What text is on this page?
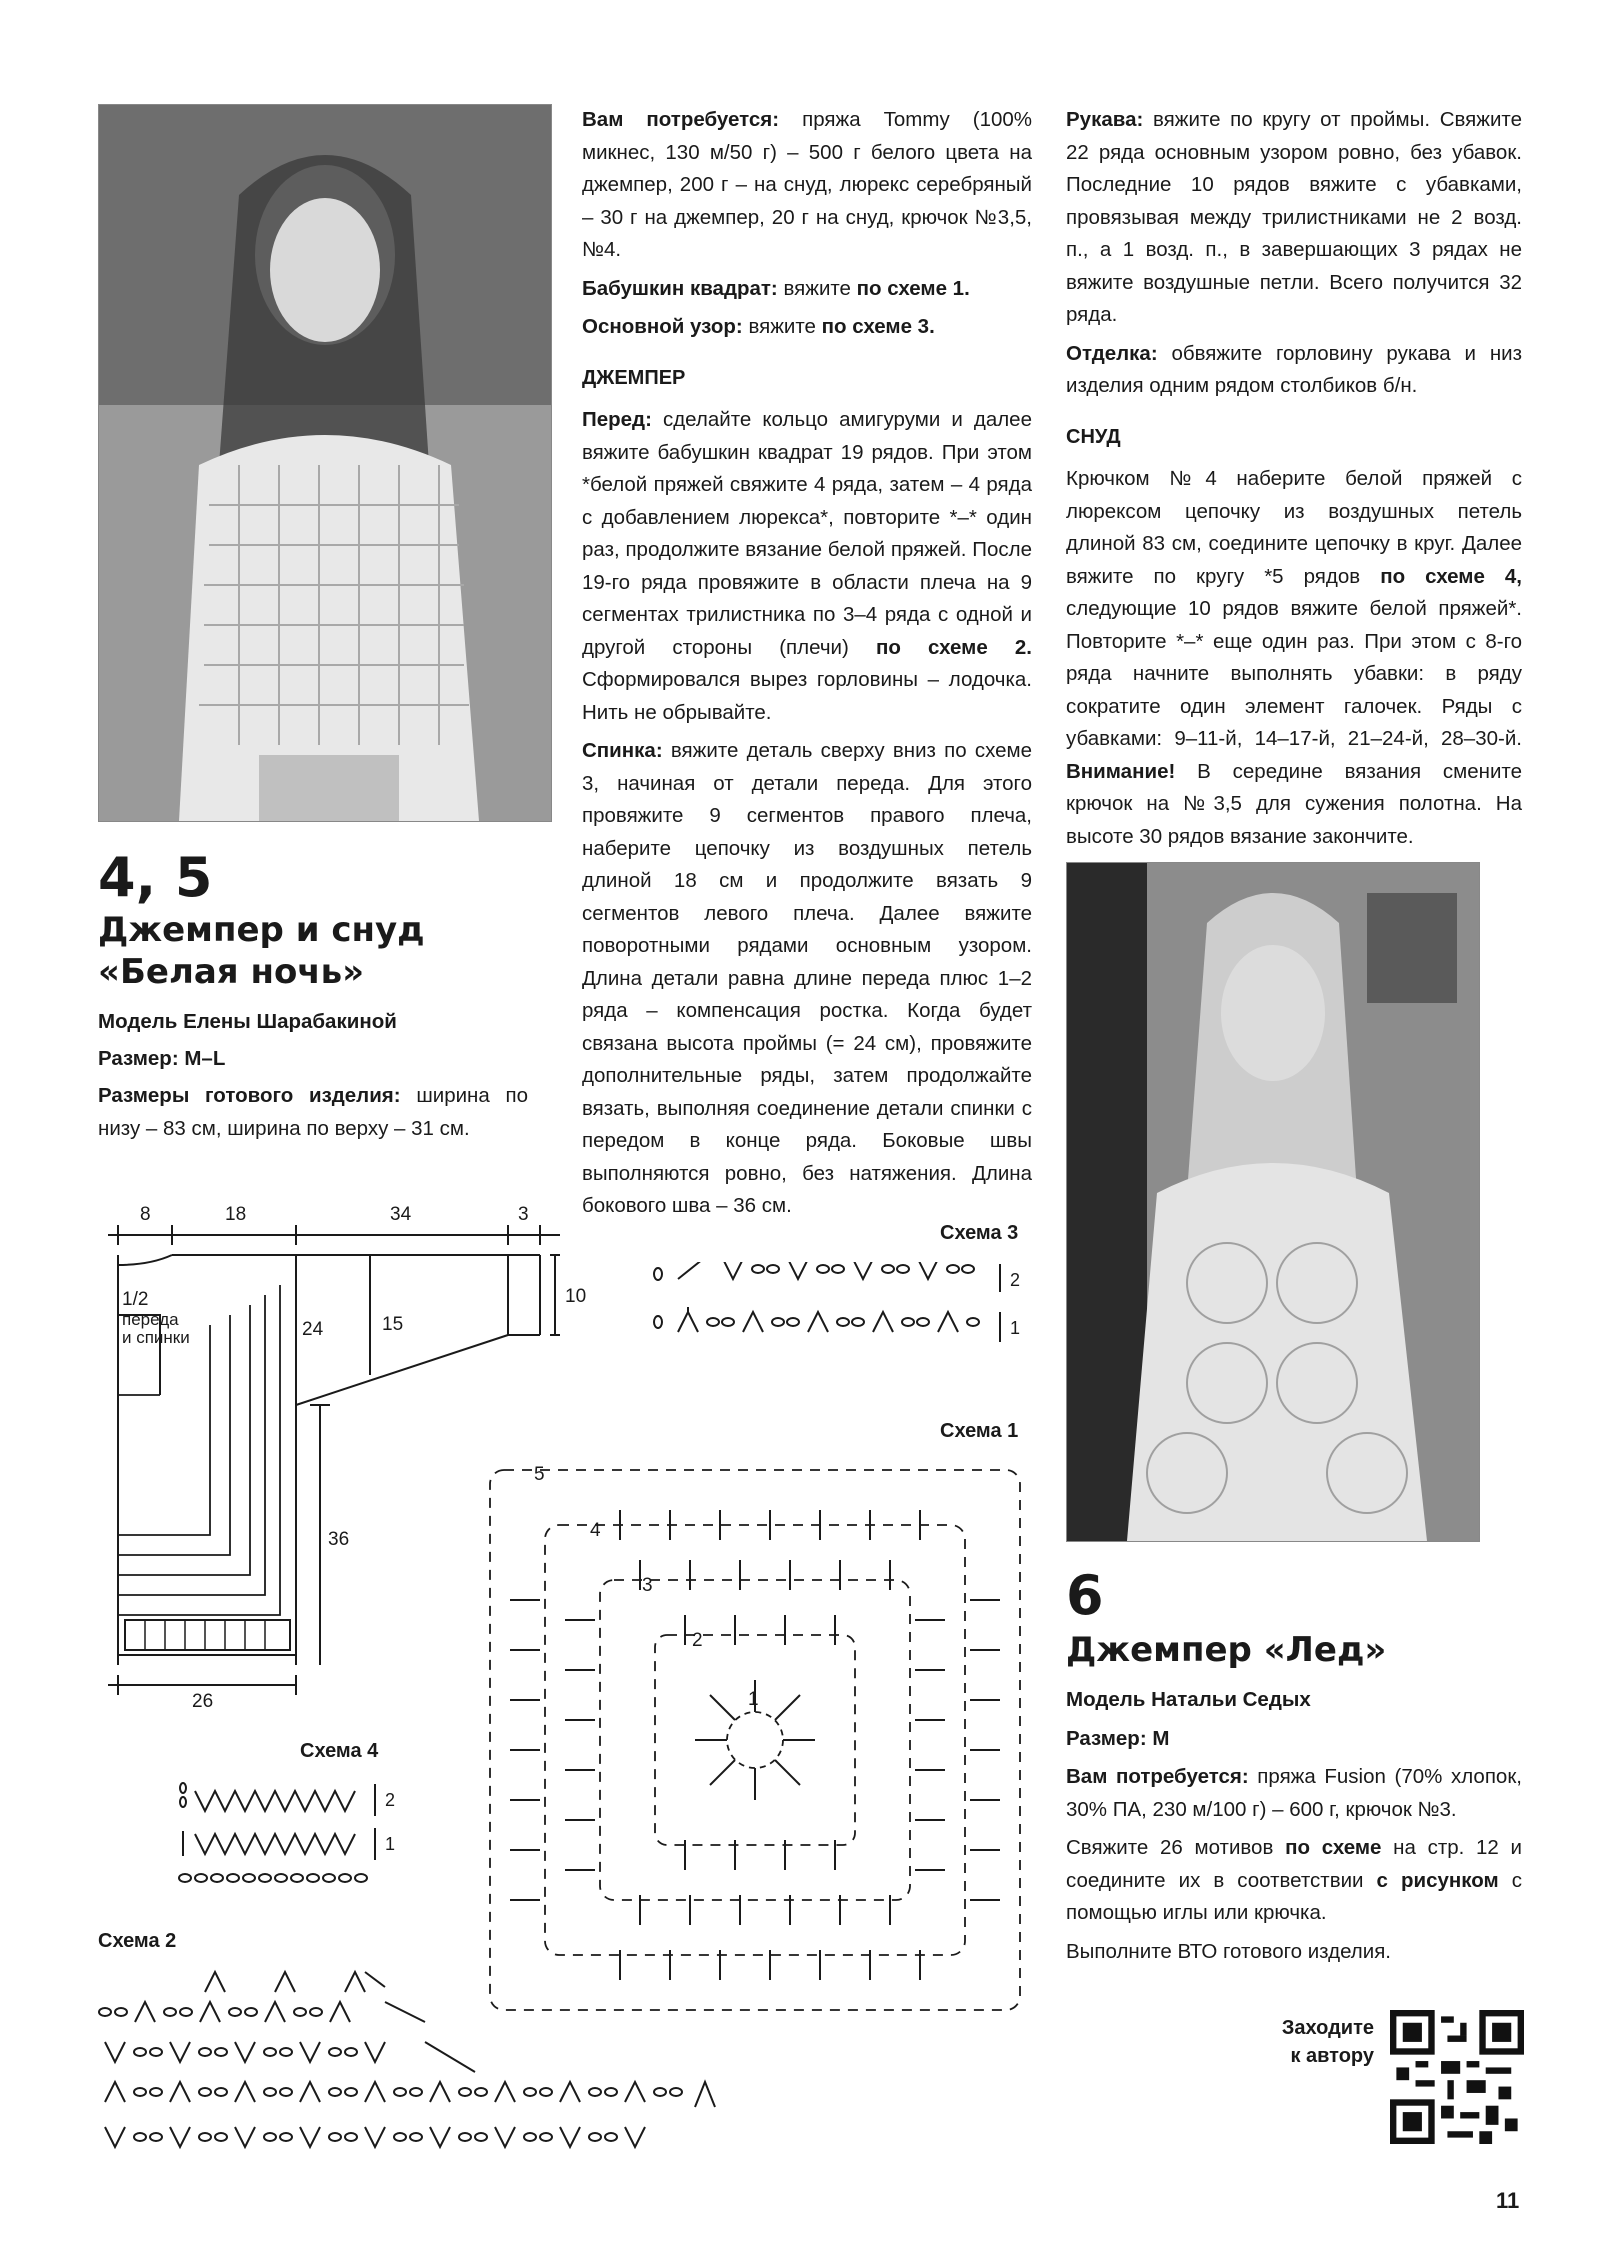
4, 5
Джемпер и снуд
«Белая ночь»
Модель Елены Шарабакиной
Размер: М–L
Размеры готового изделия: ширина по низу – 83 см, ширина по верху – 31 см.

Вам потребуется: пряжа Tommy (100% микнес, 130 м/50 г) – 500 г белого цвета на джемпер, 200 г – на снуд, люрекс серебряный – 30 г на джемпер, 20 г на снуд, крючок №3,5, №4.

Бабушкин квадрат: вяжите по схеме 1.

Основной узор: вяжите по схеме 3.

ДЖЕМПЕР

Перед: сделайте кольцо амигуруми и далее вяжите бабушкин квадрат 19 рядов. При этом *белой пряжей свяжите 4 ряда, затем – 4 ряда с добавлением люрекса*, повторите *–* один раз, продолжите вязание белой пряжей. После 19-го ряда провяжите в области плеча на 9 сегментах трилистника по 3–4 ряда с одной и другой стороны (плечи) по схеме 2. Сформировался вырез горловины – лодочка. Нить не обрывайте.

Спинка: вяжите деталь сверху вниз по схеме 3, начиная от детали переда. Для этого провяжите 9 сегментов правого плеча, наберите цепочку из воздушных петель длиной 18 см и продолжите вязать 9 сегментов левого плеча. Далее вяжите поворотными рядами основным узором. Длина детали равна длине переда плюс 1–2 ряда – компенсация ростка. Когда будет связана высота проймы (= 24 см), провяжите дополнительные ряды, затем продолжайте вязать, выполняя соединение детали спинки с передом в конце ряда. Боковые швы выполняются ровно, без натяжения. Длина бокового шва – 36 см.

Рукава: вяжите по кругу от проймы. Свяжите 22 ряда основным узором ровно, без убавок. Последние 10 рядов вяжите с убавками, провязывая между трилистниками не 2 возд. п., а 1 возд. п., в завершающих 3 рядах не вяжите воздушные петли. Всего получится 32 ряда.

Отделка: обвяжите горловину рукава и низ изделия одним рядом столбиков б/н.

СНУД

Крючком №4 наберите белой пряжей с люрексом цепочку из воздушных петель длиной 83 см, соедините цепочку в круг. Далее вяжите по кругу *5 рядов по схеме 4, следующие 10 рядов вяжите белой пряжей*. Повторите *–* еще один раз. При этом с 8-го ряда начните выполнять убавки: в ряду сократите один элемент галочек. Ряды с убавками: 9–11-й, 14–17-й, 21–24-й, 28–30-й. Внимание! В середине вязания смените крючок на №3,5 для сужения полотна. На высоте 30 рядов вязание закончите.

6
Джемпер «Лед»

Модель Натальи Седых

Размер: М

Вам потребуется: пряжа Fusion (70% хлопок, 30% ПА, 230 м/100 г) – 600 г, крючок №3.

Свяжите 26 мотивов по схеме на стр. 12 и соедините их в соответствии с рисунком с помощью иглы или крючка.

Выполните ВТО готового изделия.

Заходите
к автору
11
8	18	34	3
10
24	15
36
26
1/2
переда
и спинки
Схема 3
2
1
Схема 1
5
4
3
2
1
Схема 4
2
1
Схема 2
